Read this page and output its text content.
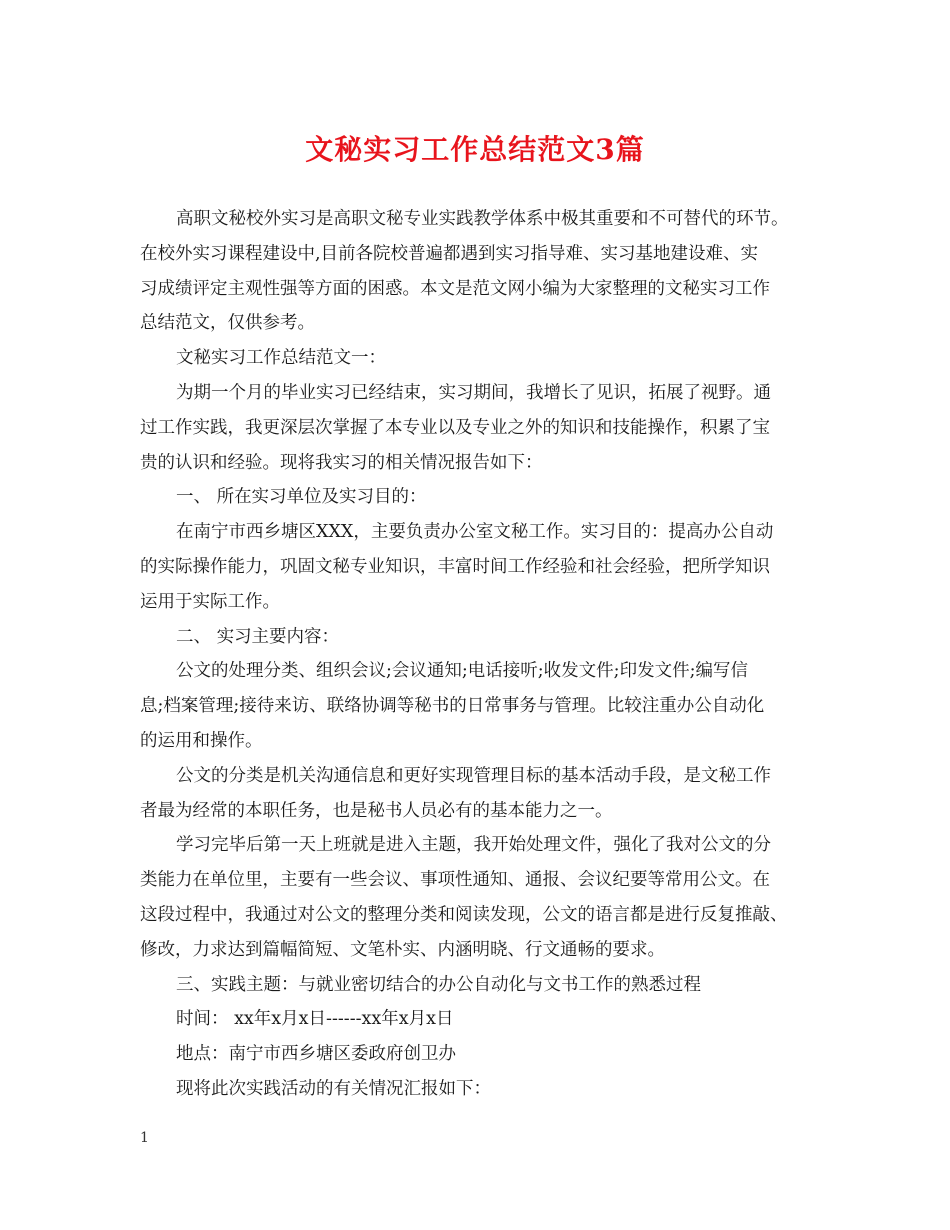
文秘实习工作总结范文3篇
高职文秘校外实习是高职文秘专业实践教学体系中极其重要和不可替代的环节。
在校外实习课程建设中,目前各院校普遍都遇到实习指导难、实习基地建设难、实
习成绩评定主观性强等方面的困惑。本文是范文网小编为大家整理的文秘实习工作
总结范文，仅供参考。
文秘实习工作总结范文一：
为期一个月的毕业实习已经结束，实习期间，我增长了见识，拓展了视野。通
过工作实践，我更深层次掌握了本专业以及专业之外的知识和技能操作，积累了宝
贵的认识和经验。现将我实习的相关情况报告如下：
一、 所在实习单位及实习目的：
在南宁市西乡塘区XXX，主要负责办公室文秘工作。实习目的：提高办公自动
的实际操作能力，巩固文秘专业知识，丰富时间工作经验和社会经验，把所学知识
运用于实际工作。
二、 实习主要内容：
公文的处理分类、组织会议;会议通知;电话接听;收发文件;印发文件;编写信
息;档案管理;接待来访、联络协调等秘书的日常事务与管理。比较注重办公自动化
的运用和操作。
公文的分类是机关沟通信息和更好实现管理目标的基本活动手段，是文秘工作
者最为经常的本职任务，也是秘书人员必有的基本能力之一。
学习完毕后第一天上班就是进入主题，我开始处理文件，强化了我对公文的分
类能力在单位里，主要有一些会议、事项性通知、通报、会议纪要等常用公文。在
这段过程中，我通过对公文的整理分类和阅读发现，公文的语言都是进行反复推敲、
修改，力求达到篇幅简短、文笔朴实、内涵明晓、行文通畅的要求。
三、实践主题：与就业密切结合的办公自动化与文书工作的熟悉过程
时间： xx年x月x日------xx年x月x日
地点：南宁市西乡塘区委政府创卫办
现将此次实践活动的有关情况汇报如下：
1
